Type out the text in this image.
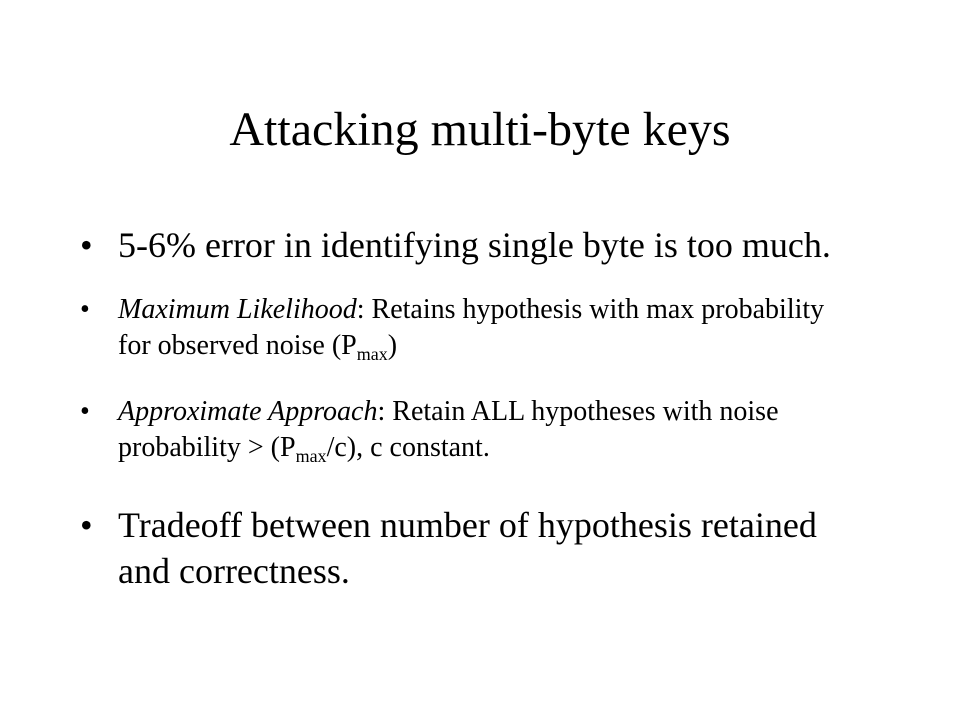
Attacking multi-byte keys
• 5-6% error in identifying single byte is too much.
• Maximum Likelihood: Retains hypothesis with max probability for observed noise $(P_{max})$
• Approximate Approach: Retain ALL hypotheses with noise probability > $(P_{max}/c)$, c constant.
• Tradeoff between number of hypothesis retained and correctness.
